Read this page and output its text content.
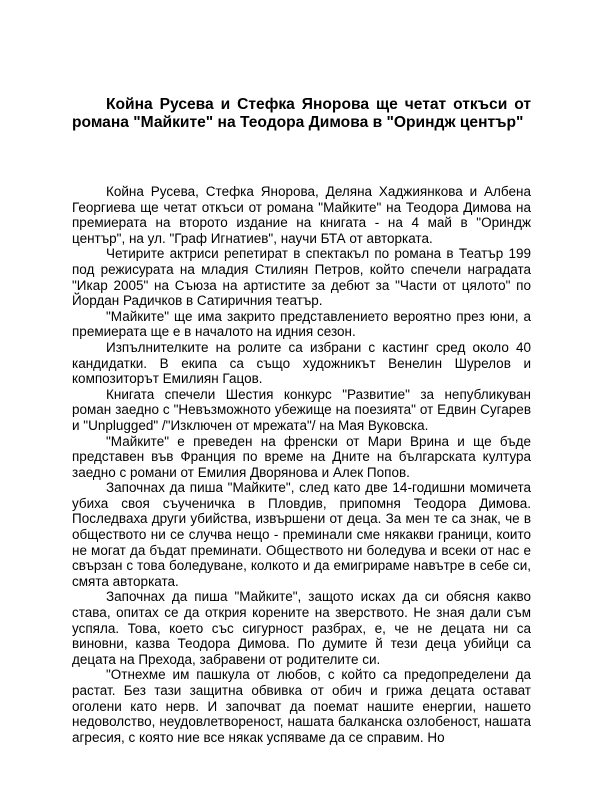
Койна Русева и Стефка Янорова ще четат откъси от романа "Майките" на Теодора Димова в "Ориндж център"

Койна Русева, Стефка Янорова, Деляна Хаджиянкова и Албена Георгиева ще четат откъси от романа "Майките" на Теодора Димова на премиерата на второто издание на книгата - на 4 май в "Ориндж център", на ул. "Граф Игнатиев", научи БТА от авторката.

Четирите актриси репетират в спектакъл по романа в Театър 199 под режисурата на младия Стилиян Петров, който спечели наградата "Икар 2005" на Съюза на артистите за дебют за "Части от цялото" по Йордан Радичков в Сатиричния театър.

"Майките" ще има закрито представлението вероятно през юни, а премиерата ще е в началото на идния сезон.

Изпълнителките на ролите са избрани с кастинг сред около 40 кандидатки. В екипа са също художникът Венелин Шурелов и композиторът Емилиян Гацов.

Книгата спечели Шестия конкурс "Развитие" за непубликуван роман заедно с "Невъзможното убежище на поезията" от Едвин Сугарев и "Unplugged" /"Изключен от мрежата"/ на Мая Вуковска.

"Майките" е преведен на френски от Мари Врина и ще бъде представен във Франция по време на Дните на българската култура заедно с романи от Емилия Дворянова и Алек Попов.

Започнах да пиша "Майките", след като две 14-годишни момичета убиха своя съученичка в Пловдив, припомня Теодора Димова. Последваха други убийства, извършени от деца. За мен те са знак, че в обществото ни се случва нещо - преминали сме някакви граници, които не могат да бъдат преминати. Обществото ни боледува и всеки от нас е свързан с това боледуване, колкото и да емигрираме навътре в себе си, смята авторката.

Започнах да пиша "Майките", защото исках да си обясня какво става, опитах се да открия корените на зверството. Не зная дали съм успяла. Това, което със сигурност разбрах, е, че не децата ни са виновни, казва Теодора Димова. По думите й тези деца убийци са децата на Прехода, забравени от родителите си.

"Отнехме им пашкула от любов, с който са предопределени да растат. Без тази защитна обвивка от обич и грижа децата остават оголени като нерв. И започват да поемат нашите енергии, нашето недоволство, неудовлетвореност, нашата балканска озлобеност, нашата агресия, с която ние все някак успяваме да се справим. Но
